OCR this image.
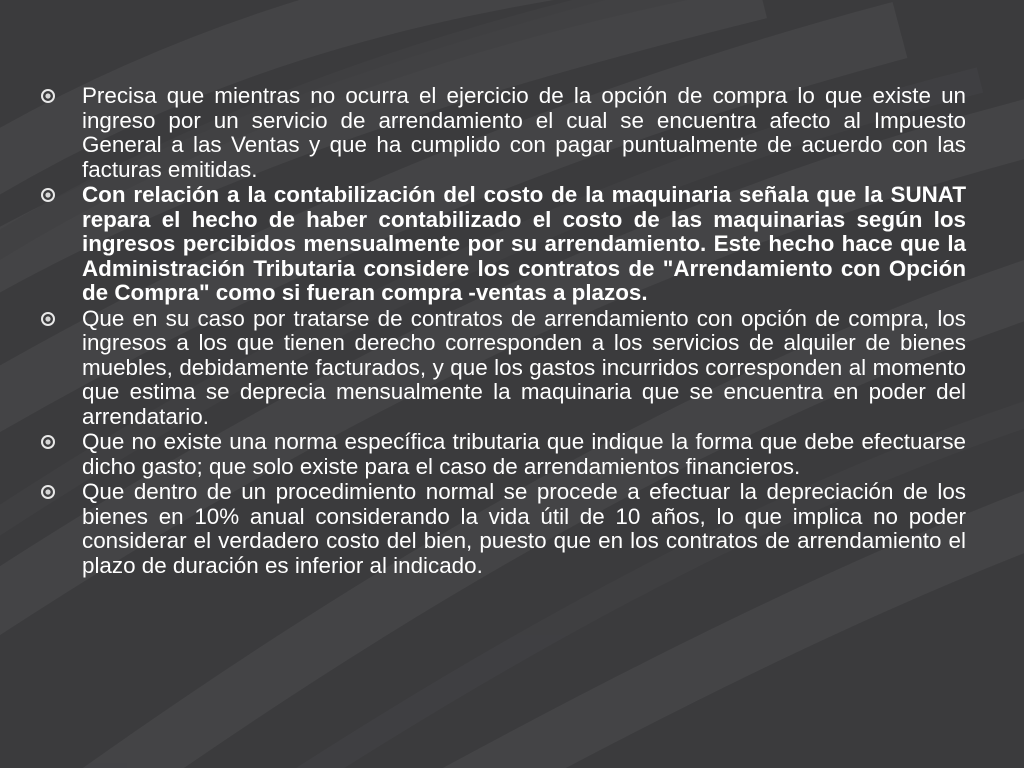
Precisa que mientras no ocurra el ejercicio de la opción de compra lo que existe un ingreso por un servicio de arrendamiento el cual se encuentra afecto al Impuesto General a las Ventas y que ha cumplido con pagar puntualmente de acuerdo con las facturas emitidas.
Con relación a la contabilización del costo de la maquinaria señala que la SUNAT repara el hecho de haber contabilizado el costo de las maquinarias según los ingresos percibidos mensualmente por su arrendamiento. Este hecho hace que la Administración Tributaria considere los contratos de "Arrendamiento con Opción de Compra" como si fueran compra -ventas a plazos.
Que en su caso por tratarse de contratos de arrendamiento con opción de compra, los ingresos a los que tienen derecho corresponden a los servicios de alquiler de bienes muebles, debidamente facturados, y que los gastos incurridos corresponden al momento que estima se deprecia mensualmente la maquinaria que se encuentra en poder del arrendatario.
Que no existe una norma específica tributaria que indique la forma que debe efectuarse dicho gasto; que solo existe para el caso de arrendamientos financieros.
Que dentro de un procedimiento normal se procede a efectuar la depreciación de los bienes en 10% anual considerando la vida útil de 10 años, lo que implica no poder considerar el verdadero costo del bien, puesto que en los contratos de arrendamiento el plazo de duración es inferior al indicado.
